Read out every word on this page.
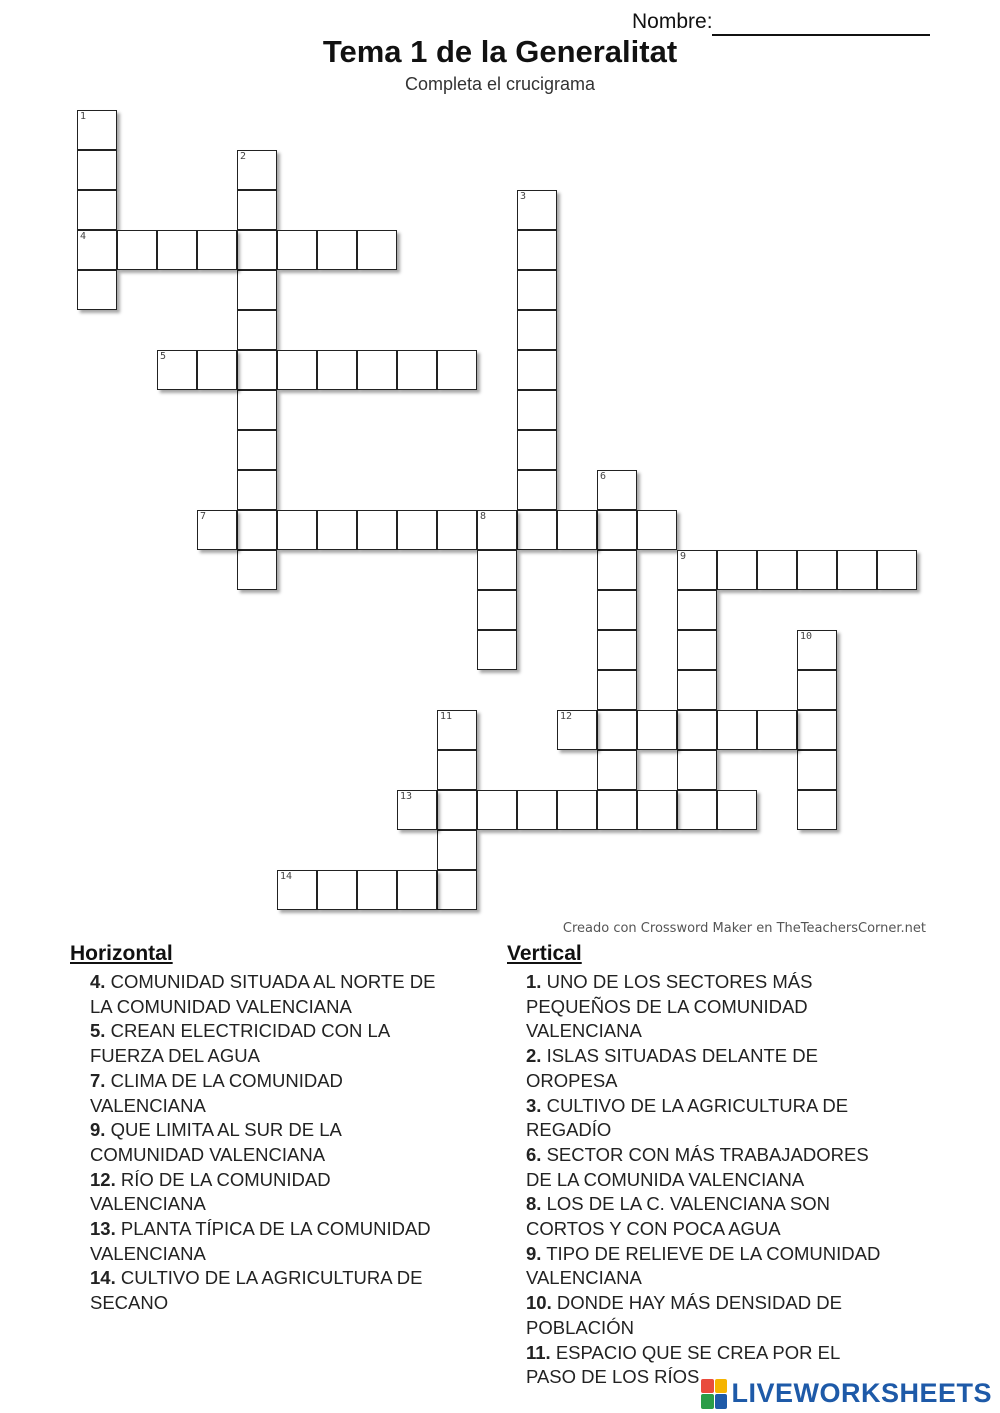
Nombre:
Tema 1 de la Generalitat
Completa el crucigrama
1
4
2
3
5
6
7	8
9
10
11	12
13
14
Creado con Crossword Maker en TheTeachersCorner.net
Horizontal
4. COMUNIDAD SITUADA AL NORTE DE
LA COMUNIDAD VALENCIANA
5. CREAN ELECTRICIDAD CON LA
FUERZA DEL AGUA
7. CLIMA DE LA COMUNIDAD
VALENCIANA
9. QUE LIMITA AL SUR DE LA
COMUNIDAD VALENCIANA
12. RÍO DE LA COMUNIDAD
VALENCIANA
13. PLANTA TÍPICA DE LA COMUNIDAD
VALENCIANA
14. CULTIVO DE LA AGRICULTURA DE
SECANO
Vertical
1. UNO DE LOS SECTORES MÁS
PEQUEÑOS DE LA COMUNIDAD
VALENCIANA
2. ISLAS SITUADAS DELANTE DE
OROPESA
3. CULTIVO DE LA AGRICULTURA DE
REGADÍO
6. SECTOR CON MÁS TRABAJADORES
DE LA COMUNIDA VALENCIANA
8. LOS DE LA C. VALENCIANA SON
CORTOS Y CON POCA AGUA
9. TIPO DE RELIEVE DE LA COMUNIDAD
VALENCIANA
10. DONDE HAY MÁS DENSIDAD DE
POBLACIÓN
11. ESPACIO QUE SE CREA POR EL
PASO DE LOS RÍOS
LIVEWORKSHEETS
